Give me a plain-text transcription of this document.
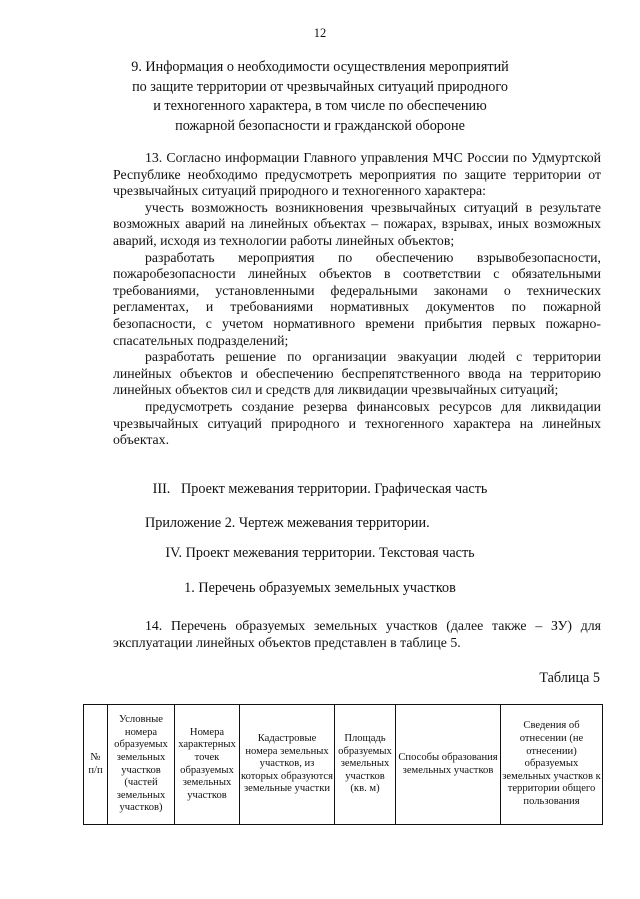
12
9. Информация о необходимости осуществления мероприятий
по защите территории от чрезвычайных ситуаций природного
и техногенного характера, в том числе по обеспечению
пожарной безопасности и гражданской обороне

13. Согласно информации Главного управления МЧС России по Удмуртской Республике необходимо предусмотреть мероприятия по защите территории от чрезвычайных ситуаций природного и техногенного характера:

учесть возможность возникновения чрезвычайных ситуаций в результате возможных аварий на линейных объектах – пожарах, взрывах, иных возможных аварий, исходя из технологии работы линейных объектов;

разработать мероприятия по обеспечению взрывобезопасности, пожаробезопасности линейных объектов в соответствии с обязательными требованиями, установленными федеральными законами о технических регламентах, и требованиями нормативных документов по пожарной безопасности, с учетом нормативного времени прибытия первых пожарно-спасательных подразделений;

разработать решение по организации эвакуации людей с территории линейных объектов и обеспечению беспрепятственного ввода на территорию линейных объектов сил и средств для ликвидации чрезвычайных ситуаций;

предусмотреть создание резерва финансовых ресурсов для ликвидации чрезвычайных ситуаций природного и техногенного характера на линейных объектах.

III.   Проект межевания территории. Графическая часть
Приложение 2. Чертеж межевания территории.
IV. Проект межевания территории. Текстовая часть
1. Перечень образуемых земельных участков

14. Перечень образуемых земельных участков (далее также – ЗУ) для эксплуатации линейных объектов представлен в таблице 5.

Таблица 5
№ п/п	Условные номера образуемых земельных участков (частей земельных участков)	Номера характерных точек образуемых земельных участков	Кадастровые номера земельных участков, из которых образуются земельные участки	Площадь образуемых земельных участков (кв. м)	Способы образования земельных участков	Сведения об отнесении (не отнесении) образуемых земельных участков к территории общего пользования
